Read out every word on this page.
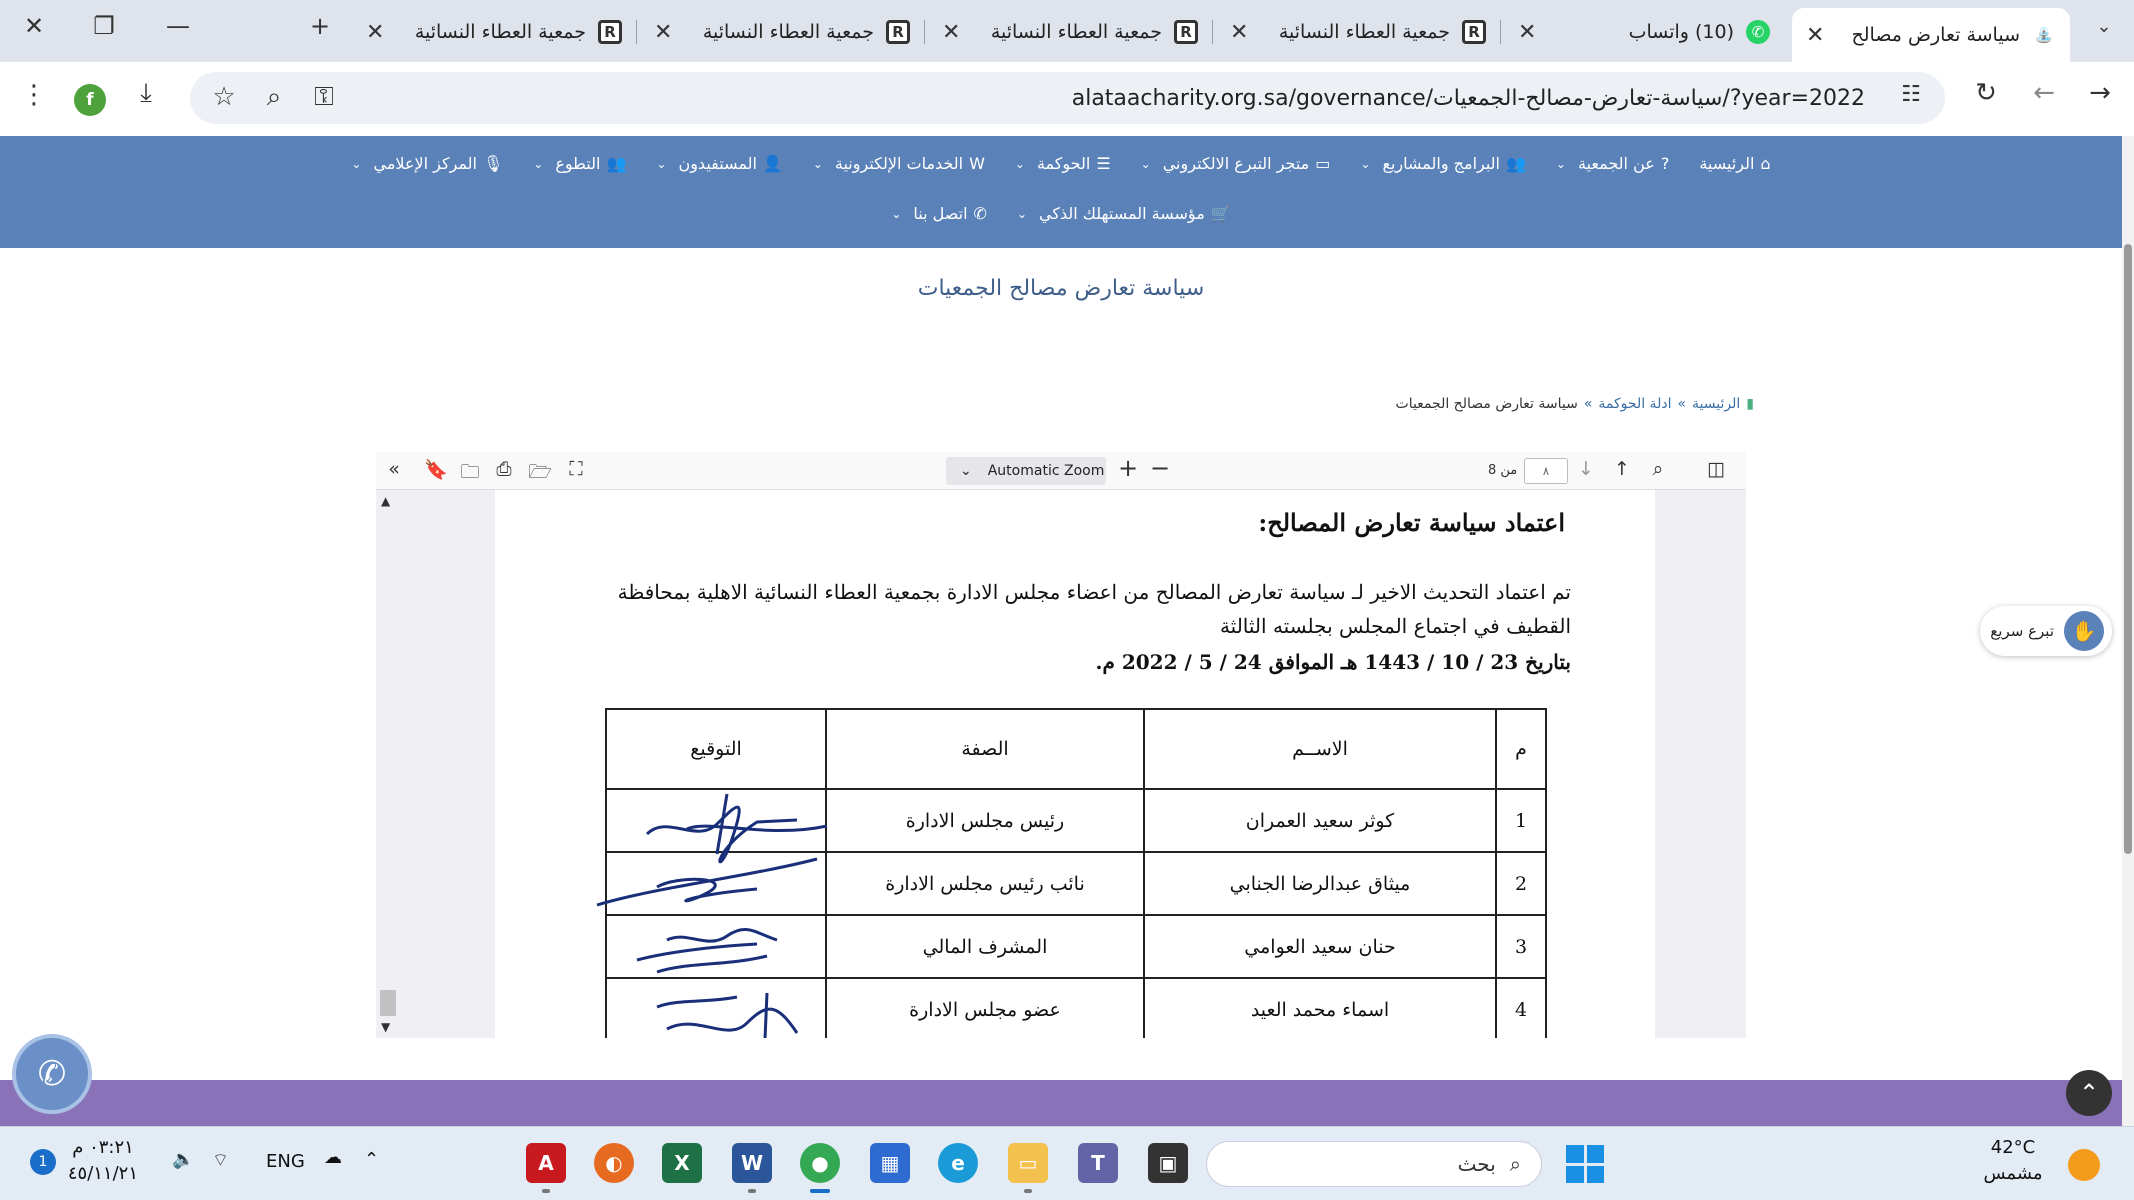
✕	❐	—	+	R
جمعية العطاء النسائية
✕	R
جمعية العطاء النسائية
✕	R
جمعية العطاء النسائية
✕	R
جمعية العطاء النسائية
✕	✆
(10) واتساب
✕	⛲
سياسة تعارض مصالح
✕	⌄
⋮	f	⤓	☆	⌕	⚿	alataacharity.org.sa/governance/سياسة-تعارض-مصالح-الجمعيات/?year=2022	☷	↻	←	→
⌂
الرئيسية
?
عن الجمعية
⌄
👥
البرامج والمشاريع
⌄
▭
متجر التبرع الالكتروني
⌄
☰
الحوكمة
⌄
W
الخدمات الإلكترونية
⌄
👤
المستفيدون
⌄
👥
التطوع
⌄
🎙
المركز الإعلامي
⌄
🛒
مؤسسة المستهلك الذكي
⌄
✆
اتصل بنا
⌄
سياسة تعارض مصالح الجمعيات
▮
الرئيسية
»
ادلة الحوكمة
»
سياسة تعارض مصالح الجمعيات
«	🔖 🗀 ⎙ 🗁 ⛶	⌄ Automatic Zoom + −	من 8	٨	↓	↑	⌕	◫
▲
▼
اعتماد سياسة تعارض المصالح:
تم اعتماد التحديث الاخير لـ سياسة تعارض المصالح من اعضاء مجلس الادارة بجمعية العطاء النسائية الاهلية بمحافظة
القطيف في اجتماع المجلس بجلسته الثالثة
بتاريخ 23 / 10 / 1443 هـ الموافق 24 / 5 / 2022 م.
م	الاســم	الصفة	التوقيع
1	كوثر سعيد العمران	رئيس مجلس الادارة	

2	ميثاق عبدالرضا الجنابي	نائب رئيس مجلس الادارة	

3	حنان سعيد العوامي	المشرف المالي	

4	اسماء محمد العيد	عضو مجلس الادارة	
✋
تبرع سريع
✆	⌃
1
٠٣:٢١ م
٤٥/١١/٢١
🔈 ⌔ ENG ☁ ⌃	A	◐	X	W	●	▦	e	▭	T	▣	⌕
بحث
42°C
مشمس
